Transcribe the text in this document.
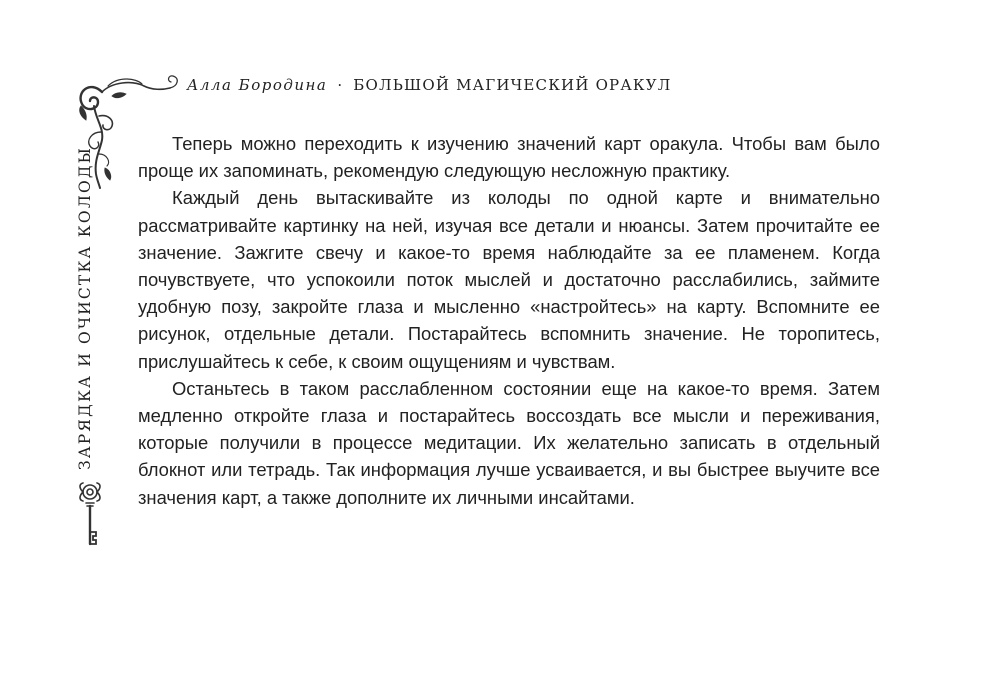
Алла Бородина · БОЛЬШОЙ МАГИЧЕСКИЙ ОРАКУЛ
ЗАРЯДКА И ОЧИСТКА КОЛОДЫ

Теперь можно переходить к изучению значений карт оракула. Чтобы вам было проще их запоминать, рекомендую следующую несложную практику.

Каждый день вытаскивайте из колоды по одной карте и внимательно рассматривайте картинку на ней, изучая все детали и нюансы. Затем прочитайте ее значение. Зажгите свечу и какое-то время наблюдайте за ее пламенем. Когда почувствуете, что успокоили поток мыслей и достаточно расслабились, займите удобную позу, закройте глаза и мысленно «настройтесь» на карту. Вспомните ее рисунок, отдельные детали. Постарайтесь вспомнить значение. Не торопитесь, прислушайтесь к себе, к своим ощущениям и чувствам.

Останьтесь в таком расслабленном состоянии еще на какое-то время. Затем медленно откройте глаза и постарайтесь воссоздать все мысли и переживания, которые получили в процессе медитации. Их желательно записать в отдельный блокнот или тетрадь. Так информация лучше усваивается, и вы быстрее выучите все значения карт, а также дополните их личными инсайтами.
